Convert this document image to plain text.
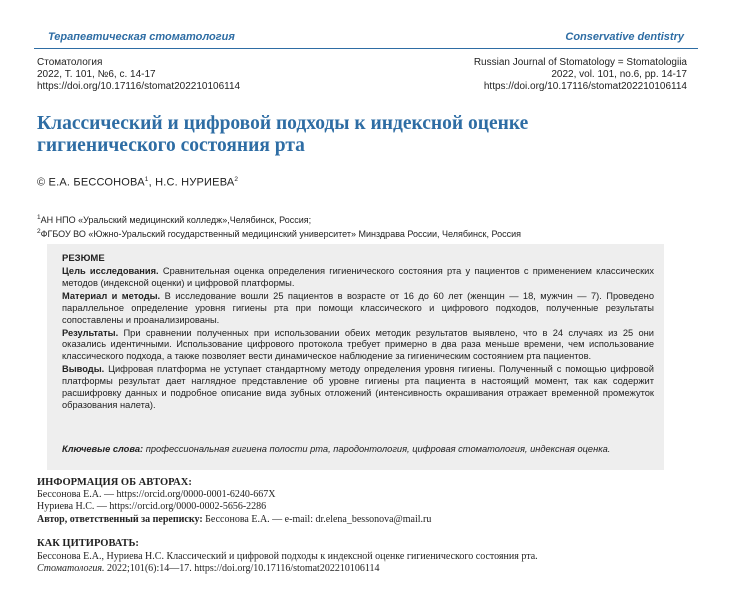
Терапевтическая стоматология	Conservative dentistry
Стоматология
2022, Т. 101, №6, с. 14-17
https://doi.org/10.17116/stomat202210106114
Russian Journal of Stomatology = Stomatologiia
2022, vol. 101, no.6, pp. 14-17
https://doi.org/10.17116/stomat202210106114
Классический и цифровой подходы к индексной оценке гигиенического состояния рта
© Е.А. БЕССОНОВА$^1$, Н.С. НУРИЕВА$^2$
$^1$АН НПО «Уральский медицинский колледж»,Челябинск, Россия;
$^2$ФГБОУ ВО «Южно-Уральский государственный медицинский университет» Минздрава России, Челябинск, Россия
РЕЗЮМЕ

Цель исследования. Сравнительная оценка определения гигиенического состояния рта у пациентов с применением классических методов (индексной оценки) и цифровой платформы.

Материал и методы. В исследование вошли 25 пациентов в возрасте от 16 до 60 лет (женщин — 18, мужчин — 7). Проведено параллельное определение уровня гигиены рта при помощи классического и цифрового подходов, полученные результаты сопоставлены и проанализированы.

Результаты. При сравнении полученных при использовании обеих методик результатов выявлено, что в 24 случаях из 25 они оказались идентичными. Использование цифрового протокола требует примерно в два раза меньше времени, чем использование классического подхода, а также позволяет вести динамическое наблюдение за гигиеническим состоянием рта пациентов.

Выводы. Цифровая платформа не уступает стандартному методу определения уровня гигиены. Полученный с помощью цифровой платформы результат дает наглядное представление об уровне гигиены рта пациента в настоящий момент, так как содержит расшифровку данных и подробное описание вида зубных отложений (интенсивность окрашивания отражает временной промежуток образования налета).

Ключевые слова: профессиональная гигиена полости рта, пародонтология, цифровая стоматология, индексная оценка.
ИНФОРМАЦИЯ ОБ АВТОРАХ:
Бессонова Е.А. — https://orcid.org/0000-0001-6240-667X
Нуриева Н.С. — https://orcid.org/0000-0002-5656-2286
Автор, ответственный за переписку: Бессонова Е.А. — e-mail: dr.elena_bessonova@mail.ru
КАК ЦИТИРОВАТЬ:
Бессонова Е.А., Нуриева Н.С. Классический и цифровой подходы к индексной оценке гигиенического состояния рта.
Стоматология. 2022;101(6):14—17. https://doi.org/10.17116/stomat202210106114
